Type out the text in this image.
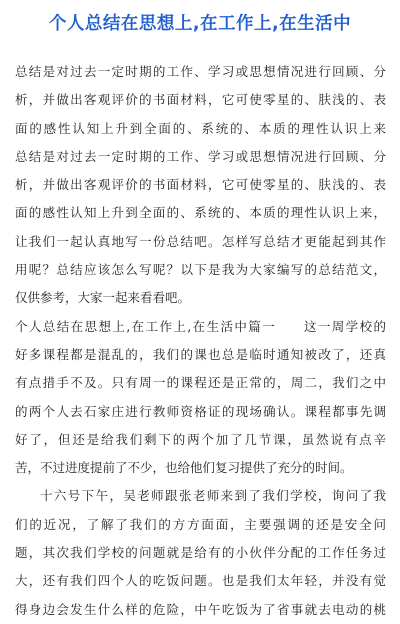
个人总结在思想上,在工作上,在生活中
总结是对过去一定时期的工作、学习或思想情况进行回顾、分
析，并做出客观评价的书面材料，它可使零星的、肤浅的、表
面的感性认知上升到全面的、系统的、本质的理性认识上来
总结是对过去一定时期的工作、学习或思想情况进行回顾、分
析，并做出客观评价的书面材料，它可使零星的、肤浅的、表
面的感性认知上升到全面的、系统的、本质的理性认识上来，
让我们一起认真地写一份总结吧。怎样写总结才更能起到其作
用呢？总结应该怎么写呢？以下是我为大家编写的总结范文，
仅供参考，大家一起来看看吧。
个人总结在思想上,在工作上,在生活中篇一　　这一周学校的
好多课程都是混乱的，我们的课也总是临时通知被改了，还真
有点措手不及。只有周一的课程还是正常的，周二，我们之中
的两个人去石家庄进行教师资格证的现场确认。课程都事先调
好了，但还是给我们剩下的两个加了几节课，虽然说有点辛
苦，不过进度提前了不少，也给他们复习提供了充分的时间。
十六号下午，吴老师跟张老师来到了我们学校，询问了我
们的近况，了解了我们的方方面面，主要强调的还是安全问
题，其次我们学校的问题就是给有的小伙伴分配的工作任务过
大，还有我们四个人的吃饭问题。也是我们太年轻，并没有觉
得身边会发生什么样的危险，中午吃饭为了省事就去电动的桃
